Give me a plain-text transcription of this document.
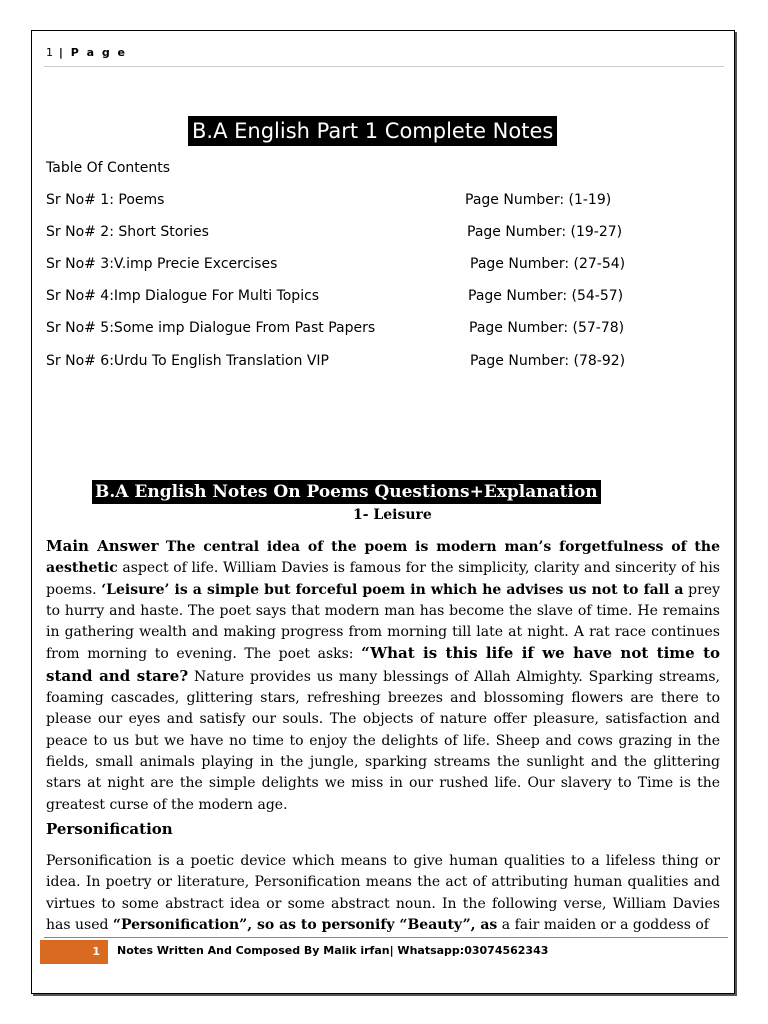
1 | P a g e
B.A English Part 1 Complete Notes
Table Of Contents
Sr No# 1: Poems	Page Number: (1-19)
Sr No# 2: Short Stories	Page Number: (19-27)
Sr No# 3:V.imp Precie Excercises	Page Number: (27-54)
Sr No# 4:Imp Dialogue For Multi Topics	Page Number: (54-57)
Sr No# 5:Some imp Dialogue From Past Papers	Page Number: (57-78)
Sr No# 6:Urdu To English Translation VIP	Page Number: (78-92)
B.A English Notes On Poems Questions+Explanation
1- Leisure
Main Answer The central idea of the poem is modern man’s forgetfulness of the aesthetic aspect of life. William Davies is famous for the simplicity, clarity and sincerity of his poems. ‘Leisure’ is a simple but forceful poem in which he advises us not to fall a prey to hurry and haste. The poet says that modern man has become the slave of time. He remains in gathering wealth and making progress from morning till late at night. A rat race continues from morning to evening. The poet asks: “What is this life if we have not time to stand and stare? Nature provides us many blessings of Allah Almighty. Sparking streams, foaming cascades, glittering stars, refreshing breezes and blossoming flowers are there to please our eyes and satisfy our souls. The objects of nature offer pleasure, satisfaction and peace to us but we have no time to enjoy the delights of life. Sheep and cows grazing in the fields, small animals playing in the jungle, sparking streams the sunlight and the glittering stars at night are the simple delights we miss in our rushed life. Our slavery to Time is the greatest curse of the modern age.
Personification
Personification is a poetic device which means to give human qualities to a lifeless thing or idea. In poetry or literature, Personification means the act of attributing human qualities and virtues to some abstract idea or some abstract noun. In the following verse, William Davies has used “Personification”, so as to personify “Beauty”, as a fair maiden or a goddess of
1	Notes Written And Composed By Malik irfan| Whatsapp:03074562343
